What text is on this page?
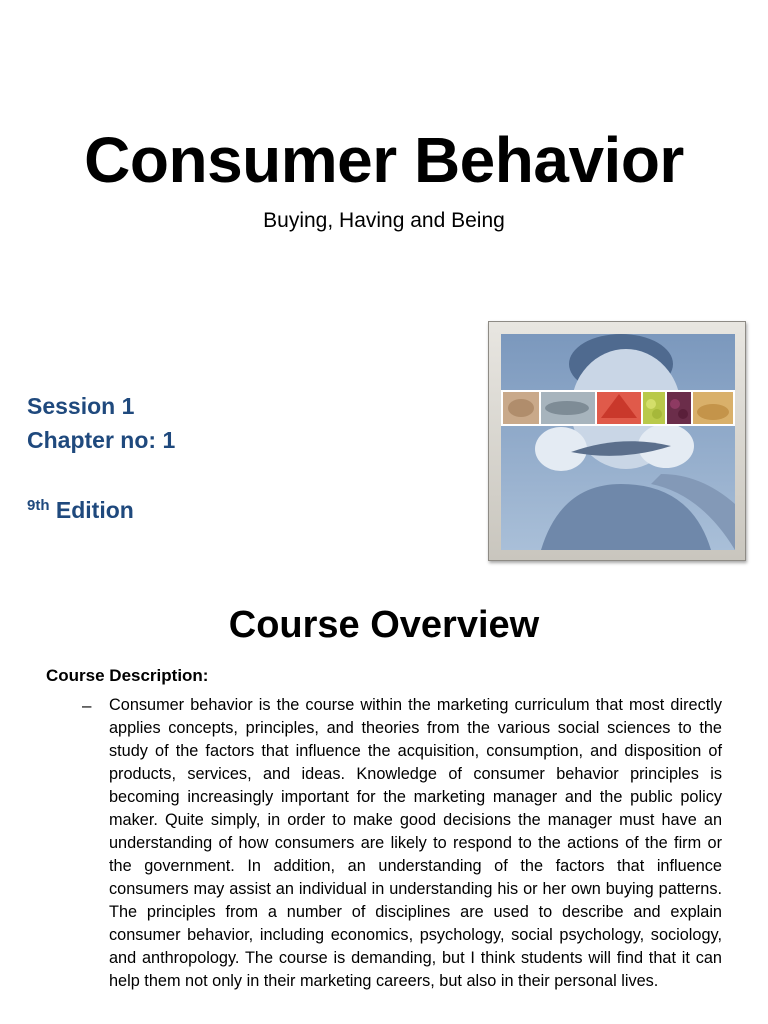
Consumer Behavior
Buying, Having and Being
Session 1
Chapter no: 1
$^{9th}$ Edition
Course Overview
Course Description:
– Consumer behavior is the course within the marketing curriculum that most directly applies concepts, principles, and theories from the various social sciences to the study of the factors that influence the acquisition, consumption, and disposition of products, services, and ideas. Knowledge of consumer behavior principles is becoming increasingly important for the marketing manager and the public policy maker. Quite simply, in order to make good decisions the manager must have an understanding of how consumers are likely to respond to the actions of the firm or the government. In addition, an understanding of the factors that influence consumers may assist an individual in understanding his or her own buying patterns. The principles from a number of disciplines are used to describe and explain consumer behavior, including economics, psychology, social psychology, sociology, and anthropology. The course is demanding, but I think students will find that it can help them not only in their marketing careers, but also in their personal lives.
